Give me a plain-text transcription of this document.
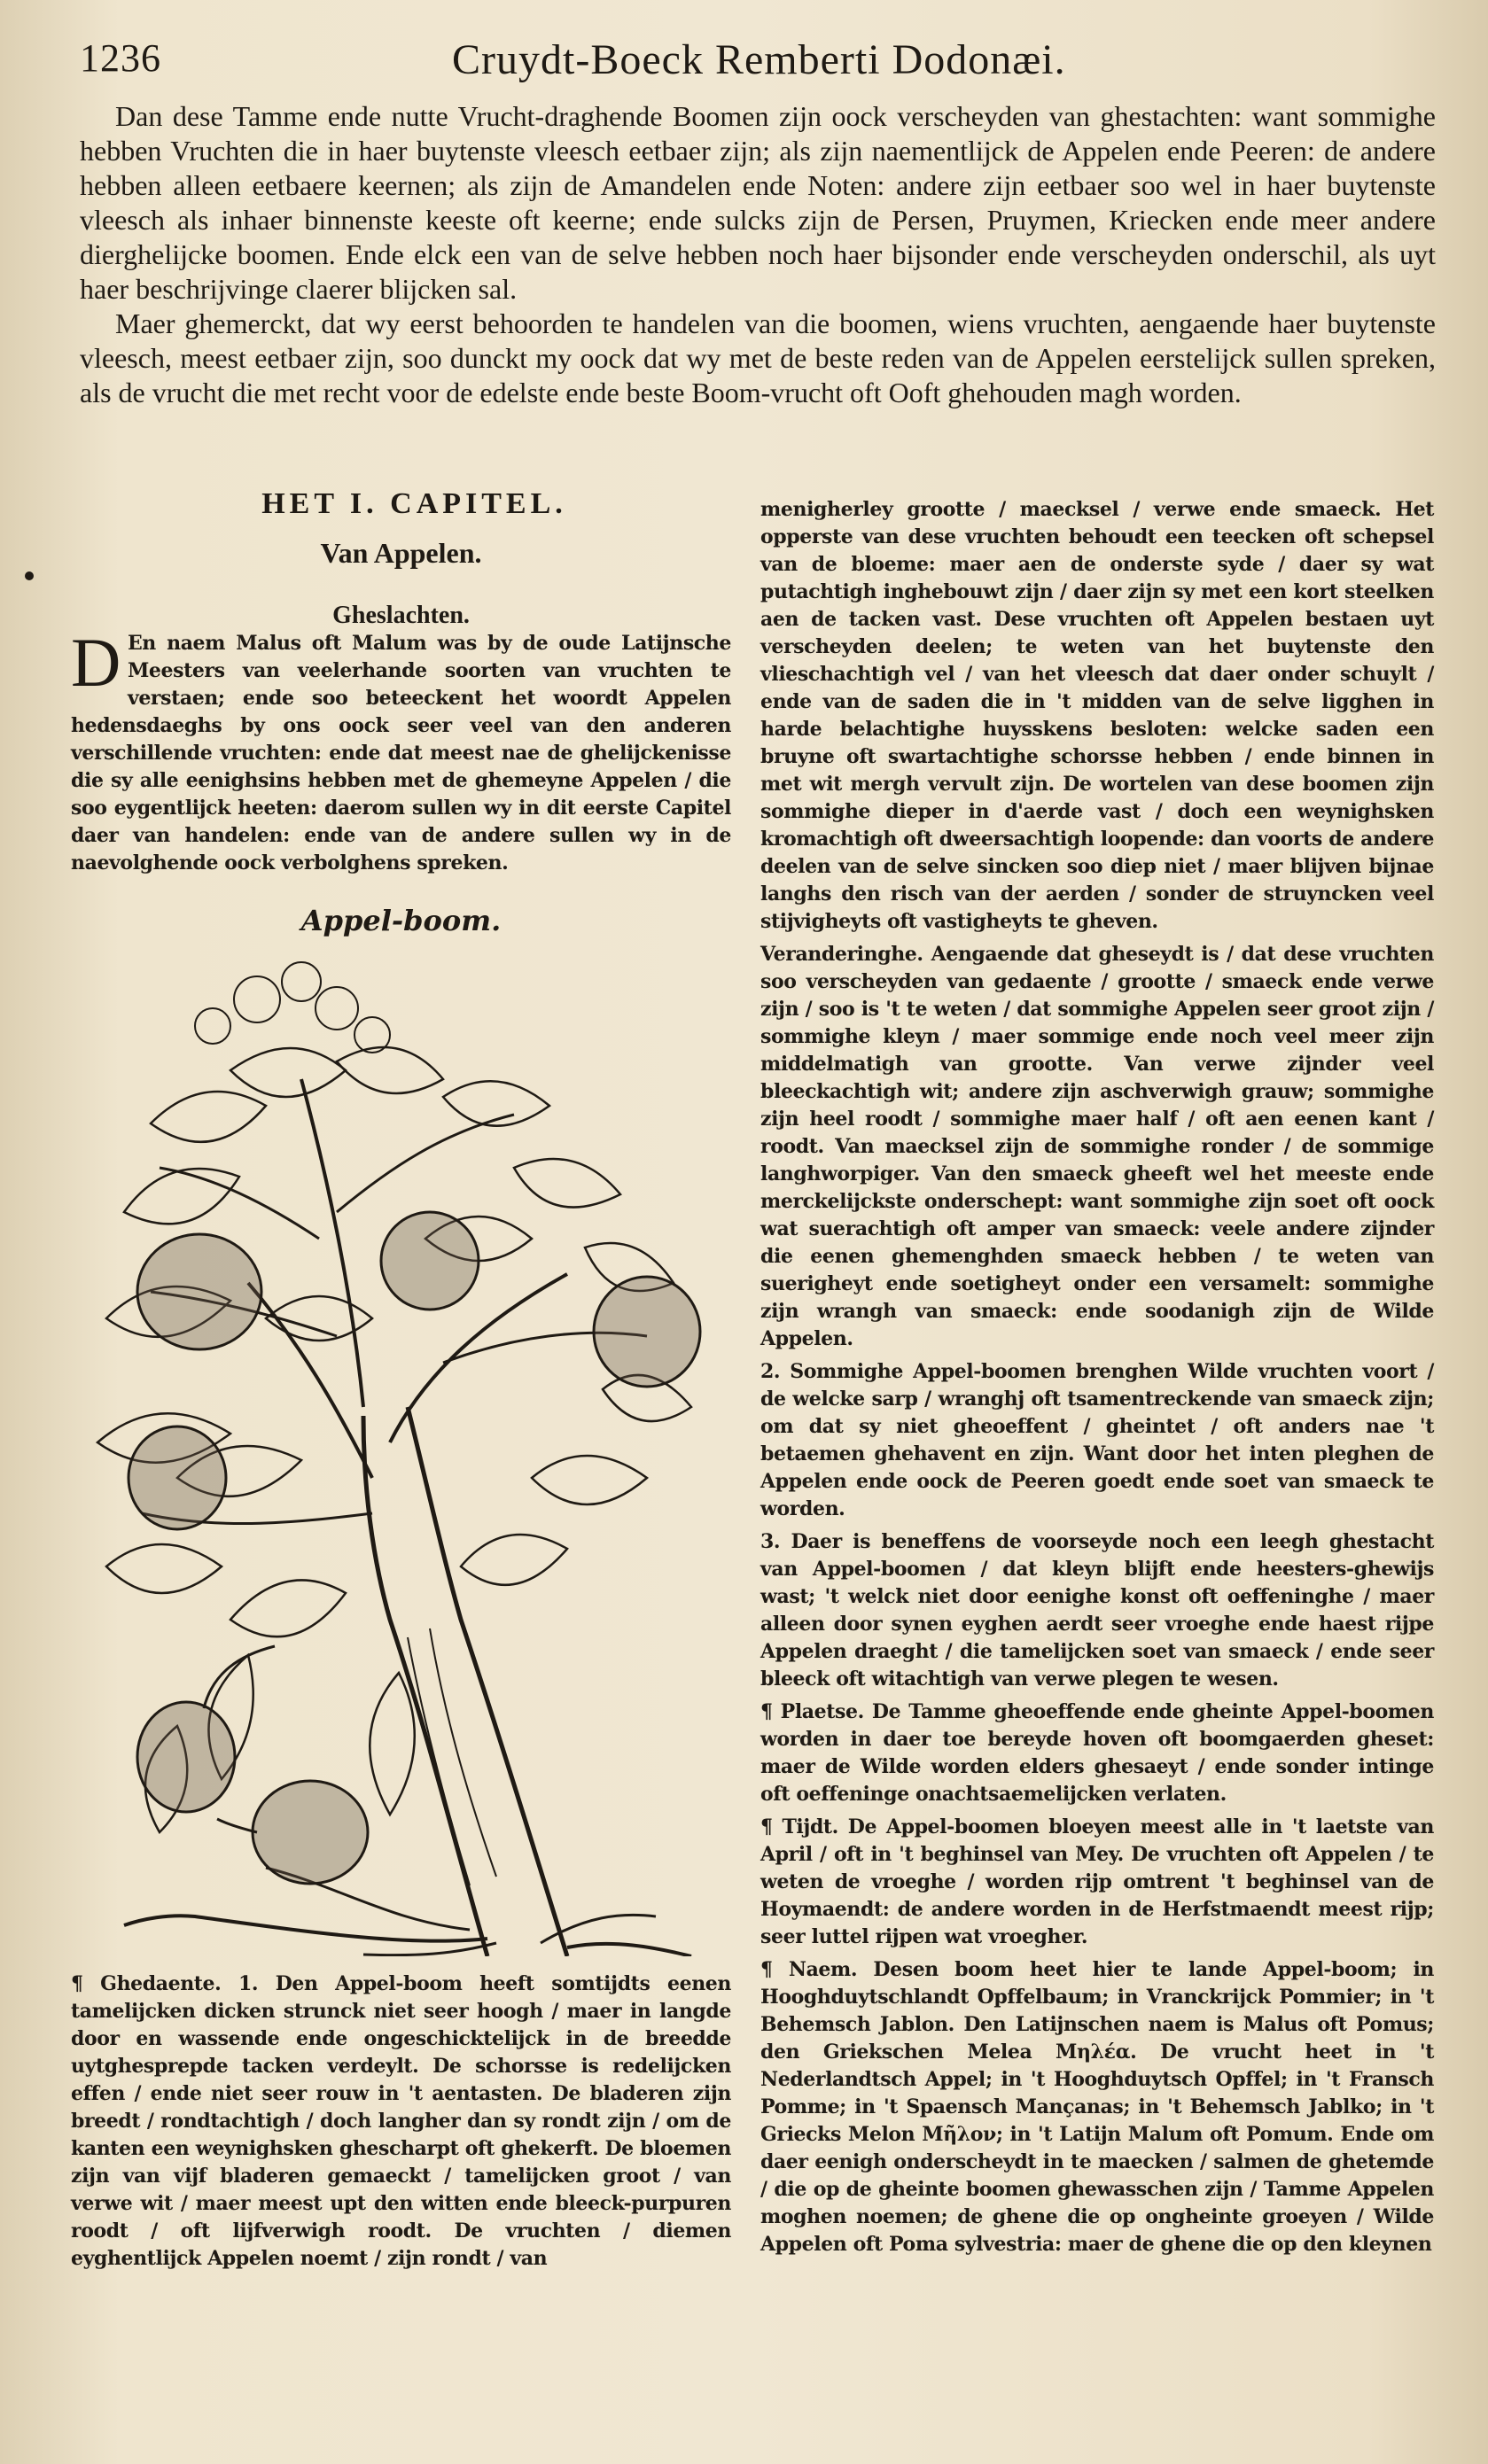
1236	Cruydt-Boeck Remberti Dodonæi.

Dan dese Tamme ende nutte Vrucht-draghende Boomen zijn oock verscheyden van ghestachten: want sommighe hebben Vruchten die in haer buytenste vleesch eetbaer zijn; als zijn naementlijck de Appelen ende Peeren: de andere hebben alleen eetbaere keernen; als zijn de Amandelen ende Noten: andere zijn eetbaer soo wel in haer buytenste vleesch als inhaer binnenste keeste oft keerne; ende sulcks zijn de Persen, Pruymen, Kriecken ende meer andere dierghelijcke boomen. Ende elck een van de selve hebben noch haer bijsonder ende verscheyden onderschil, als uyt haer beschrijvinge claerer blijcken sal.

Maer ghemerckt, dat wy eerst behoorden te handelen van die boomen, wiens vruchten, aengaende haer buytenste vleesch, meest eetbaer zijn, soo dunckt my oock dat wy met de beste reden van de Appelen eerstelijck sullen spreken, als de vrucht die met recht voor de edelste ende beste Boom-vrucht oft Ooft ghehouden magh worden.

HET I. CAPITEL.
Van Appelen.
Gheslachten.

D En naem Malus oft Malum was by de oude Latijnsche Meesters van veelerhande soorten van vruchten te verstaen; ende soo beteeckent het woordt Appelen hedensdaeghs by ons oock seer veel van den anderen verschillende vruchten: ende dat meest nae de ghelijckenisse die sy alle eenighsins hebben met de ghemeyne Appelen / die soo eygentlijck heeten: daerom sullen wy in dit eerste Capitel daer van handelen: ende van de andere sullen wy in de naevolghende oock verbolghens spreken.

Appel-boom.

¶ Ghedaente. 1. Den Appel-boom heeft somtijdts eenen tamelijcken dicken strunck niet seer hoogh / maer in langde door en wassende ende ongeschicktelijck in de breedde uytghesprepde tacken verdeylt. De schorsse is redelijcken effen / ende niet seer rouw in 't aentasten. De bladeren zijn breedt / rondtachtigh / doch langher dan sy rondt zijn / om de kanten een weynighsken ghescharpt oft ghekerft. De bloemen zijn van vijf bladeren gemaeckt / tamelijcken groot / van verwe wit / maer meest upt den witten ende bleeck-purpuren roodt / oft lijfverwigh roodt. De vruchten / diemen eyghentlijck Appelen noemt / zijn rondt / van

menigherley grootte / maecksel / verwe ende smaeck. Het opperste van dese vruchten behoudt een teecken oft schepsel van de bloeme: maer aen de onderste syde / daer sy wat putachtigh inghebouwt zijn / daer zijn sy met een kort steelken aen de tacken vast. Dese vruchten oft Appelen bestaen uyt verscheyden deelen; te weten van het buytenste den vlieschachtigh vel / van het vleesch dat daer onder schuylt / ende van de saden die in 't midden van de selve ligghen in harde belachtighe huysskens besloten: welcke saden een bruyne oft swartachtighe schorsse hebben / ende binnen in met wit mergh vervult zijn. De wortelen van dese boomen zijn sommighe dieper in d'aerde vast / doch een weynighsken kromachtigh oft dweersachtigh loopende: dan voorts de andere deelen van de selve sincken soo diep niet / maer blijven bijnae langhs den risch van der aerden / sonder de struyncken veel stijvigheyts oft vastigheyts te gheven.

Veranderinghe. Aengaende dat gheseydt is / dat dese vruchten soo verscheyden van gedaente / grootte / smaeck ende verwe zijn / soo is 't te weten / dat sommighe Appelen seer groot zijn / sommighe kleyn / maer sommige ende noch veel meer zijn middelmatigh van grootte. Van verwe zijnder veel bleeckachtigh wit; andere zijn aschverwigh grauw; sommighe zijn heel roodt / sommighe maer half / oft aen eenen kant / roodt. Van maecksel zijn de sommighe ronder / de sommige langhworpiger. Van den smaeck gheeft wel het meeste ende merckelijckste onderschept: want sommighe zijn soet oft oock wat suerachtigh oft amper van smaeck: veele andere zijnder die eenen ghemenghden smaeck hebben / te weten van suerigheyt ende soetigheyt onder een versamelt: sommighe zijn wrangh van smaeck: ende soodanigh zijn de Wilde Appelen.

2. Sommighe Appel-boomen brenghen Wilde vruchten voort / de welcke sarp / wranghj oft tsamentreckende van smaeck zijn; om dat sy niet gheoeffent / gheintet / oft anders nae 't betaemen ghehavent en zijn. Want door het inten pleghen de Appelen ende oock de Peeren goedt ende soet van smaeck te worden.

3. Daer is beneffens de voorseyde noch een leegh ghestacht van Appel-boomen / dat kleyn blijft ende heesters-ghewijs wast; 't welck niet door eenighe konst oft oeffeninghe / maer alleen door synen eyghen aerdt seer vroeghe ende haest rijpe Appelen draeght / die tamelijcken soet van smaeck / ende seer bleeck oft witachtigh van verwe plegen te wesen.

¶ Plaetse. De Tamme gheoeffende ende gheinte Appel-boomen worden in daer toe bereyde hoven oft boomgaerden gheset: maer de Wilde worden elders ghesaeyt / ende sonder intinge oft oeffeninge onachtsaemelijcken verlaten.

¶ Tijdt. De Appel-boomen bloeyen meest alle in 't laetste van April / oft in 't beghinsel van Mey. De vruchten oft Appelen / te weten de vroeghe / worden rijp omtrent 't beghinsel van de Hoymaendt: de andere worden in de Herfstmaendt meest rijp; seer luttel rijpen wat vroegher.

¶ Naem. Desen boom heet hier te lande Appel-boom; in Hooghduytschlandt Opffelbaum; in Vranckrijck Pommier; in 't Behemsch Jablon. Den Latijnschen naem is Malus oft Pomus; den Griekschen Melea Μηλέα. De vrucht heet in 't Nederlandtsch Appel; in 't Hooghduytsch Opffel; in 't Fransch Pomme; in 't Spaensch Mançanas; in 't Behemsch Jablko; in 't Griecks Melon Μῆλον; in 't Latijn Malum oft Pomum. Ende om daer eenigh onderscheydt in te maecken / salmen de ghetemde / die op de gheinte boomen ghewasschen zijn / Tamme Appelen moghen noemen; de ghene die op ongheinte groeyen / Wilde Appelen oft Poma sylvestria: maer de ghene die op den kleynen
